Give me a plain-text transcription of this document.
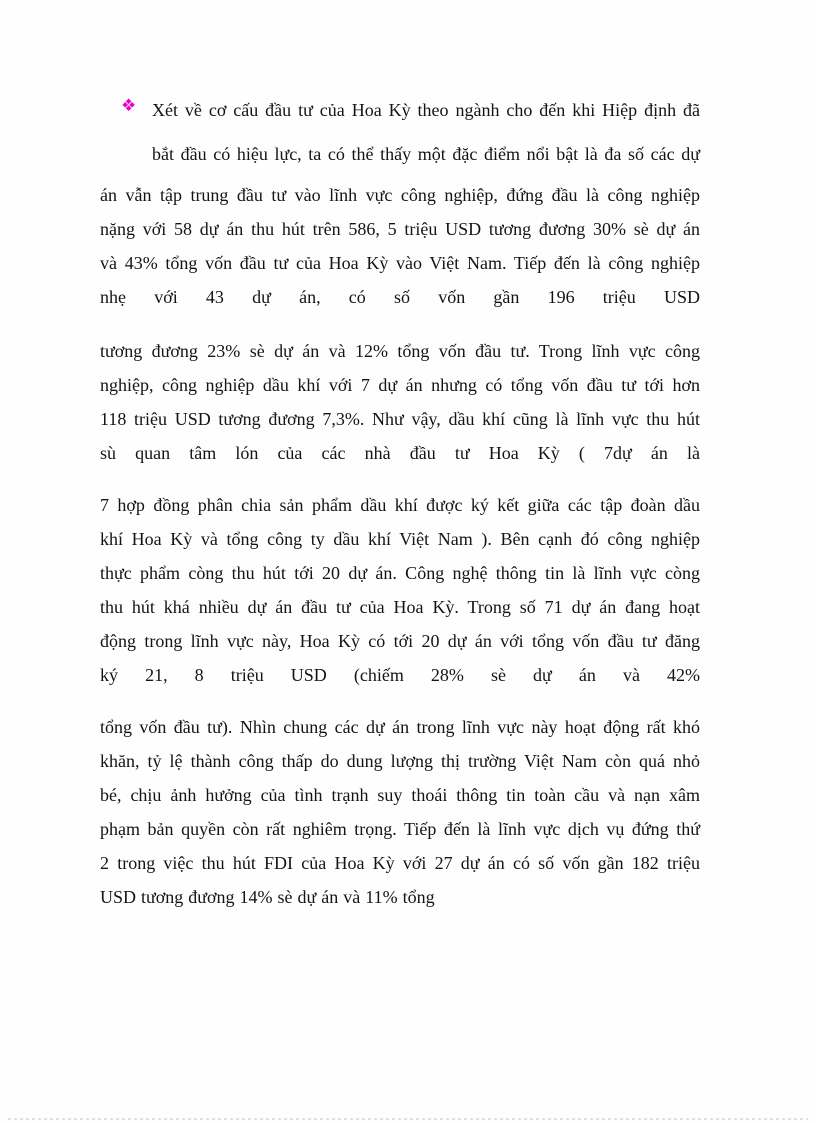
❖ Xét về cơ cấu đầu tư của Hoa Kỳ theo ngành cho đến khi Hiệp định đã
bắt đầu có hiệu lực, ta có thể thấy một đặc điểm nổi bật là đa số các dự
án vẫn tập trung đầu tư vào lĩnh vực công nghiệp, đứng đầu là công nghiệp
nặng với 58 dự án thu hút trên 586, 5 triệu USD tương đương 30% sè dự án
và 43% tổng vốn đầu tư của Hoa Kỳ vào Việt Nam. Tiếp đến là công nghiệp
nhẹ với 43 dự án, có số vốn gần 196 triệu USD
tương đương 23% sè dự án và 12% tổng vốn đầu tư. Trong lĩnh vực công
nghiệp, công nghiệp dầu khí với 7 dự án nhưng có tổng vốn đầu tư tới hơn
118 triệu USD tương đương 7,3%. Như vậy, dầu khí cũng là lĩnh vực thu hút
sù quan tâm lón của các nhà đầu tư Hoa Kỳ ( 7dự án là
7 hợp đồng phân chia sản phẩm dầu khí được ký kết giữa các tập đoàn dầu
khí Hoa Kỳ và tổng công ty dầu khí Việt Nam ). Bên cạnh đó công nghiệp
thực phẩm còng thu hút tới 20 dự án. Công nghệ thông tin là lĩnh vực còng
thu hút khá nhiều dự án đầu tư của Hoa Kỳ. Trong số 71 dự án đang hoạt
động trong lĩnh vực này, Hoa Kỳ có tới 20 dự án với tổng vốn đầu tư đăng
ký 21, 8 triệu USD (chiếm 28% sè dự án và 42%
tổng vốn đầu tư). Nhìn chung các dự án trong lĩnh vực này hoạt động rất khó
khăn, tỷ lệ thành công thấp do dung lượng thị trường Việt Nam còn quá nhỏ
bé, chịu ảnh hưởng của tình trạnh suy thoái thông tin toàn cầu và nạn xâm
phạm bản quyền còn rất nghiêm trọng. Tiếp đến là lĩnh vực dịch vụ đứng thứ
2 trong việc thu hút FDI của Hoa Kỳ với 27 dự án có số vốn gần 182 triệu
USD tương đương 14% sè dự án và 11% tổng
